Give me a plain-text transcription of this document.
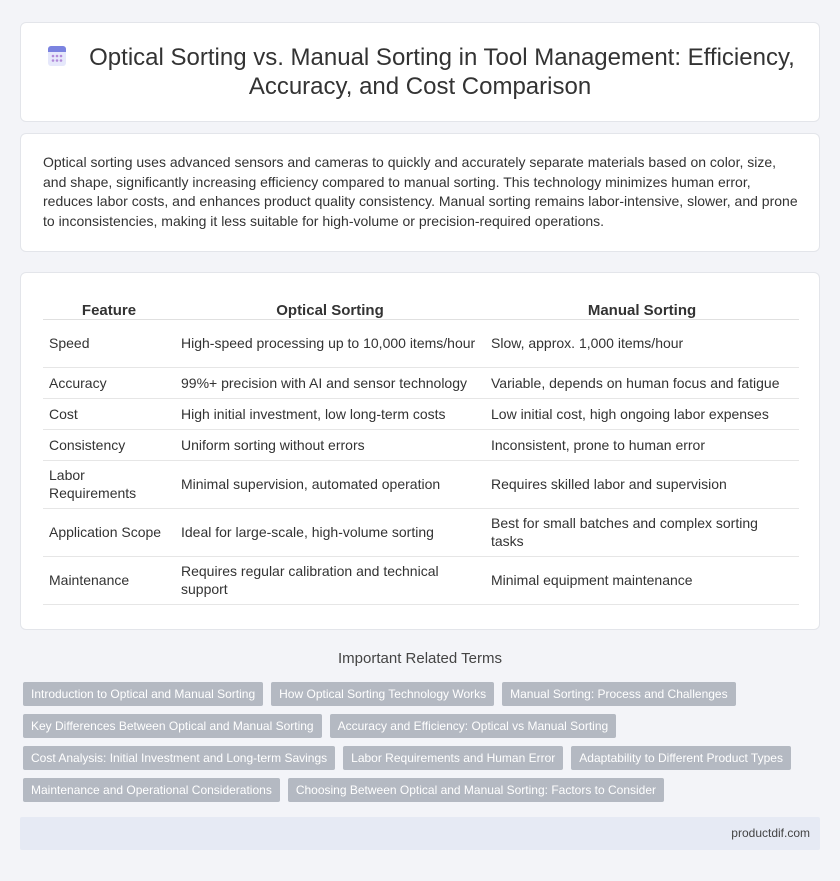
Optical Sorting vs. Manual Sorting in Tool Management: Efficiency, Accuracy, and Cost Comparison

Optical sorting uses advanced sensors and cameras to quickly and accurately separate materials based on color, size, and shape, significantly increasing efficiency compared to manual sorting. This technology minimizes human error, reduces labor costs, and enhances product quality consistency. Manual sorting remains labor-intensive, slower, and prone to inconsistencies, making it less suitable for high-volume or precision-required operations.

Feature	Optical Sorting	Manual Sorting
Speed	High-speed processing up to 10,000 items/hour	Slow, approx. 1,000 items/hour
Accuracy	99%+ precision with AI and sensor technology	Variable, depends on human focus and fatigue
Cost	High initial investment, low long-term costs	Low initial cost, high ongoing labor expenses
Consistency	Uniform sorting without errors	Inconsistent, prone to human error
Labor Requirements	Minimal supervision, automated operation	Requires skilled labor and supervision
Application Scope	Ideal for large-scale, high-volume sorting	Best for small batches and complex sorting tasks
Maintenance	Requires regular calibration and technical support	Minimal equipment maintenance
Important Related Terms
Introduction to Optical and Manual Sorting	How Optical Sorting Technology Works	Manual Sorting: Process and Challenges
Key Differences Between Optical and Manual Sorting	Accuracy and Efficiency: Optical vs Manual Sorting
Cost Analysis: Initial Investment and Long-term Savings	Labor Requirements and Human Error	Adaptability to Different Product Types
Maintenance and Operational Considerations	Choosing Between Optical and Manual Sorting: Factors to Consider
productdif.com
